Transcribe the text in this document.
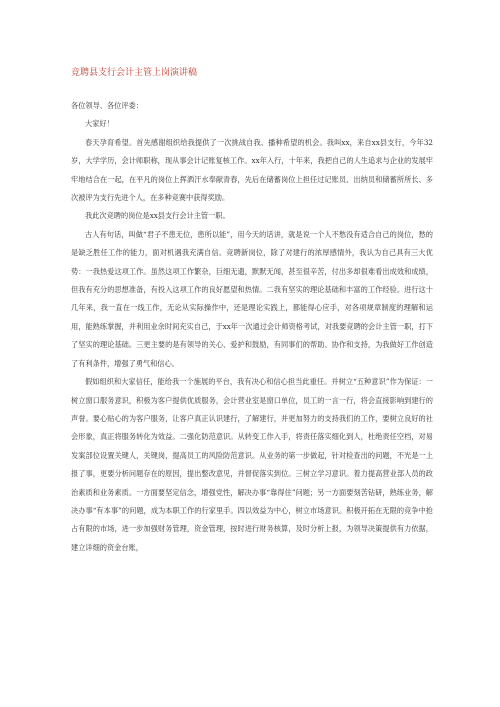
竞聘县支行会计主管上岗演讲稿

各位领导、各位评委：

大家好！

春天孕育希望。首先感谢组织给我提供了一次挑战自我、播种希望的机会。我叫xx，来自xx县支行，今年32岁，大学学历，会计师职称，现从事会计记账复核工作。xx年入行，十年来，我把自己的人生追求与企业的发展牢牢地结合在一起，在平凡的岗位上挥洒汗水奉献青春，先后在储蓄岗位上担任过记账员、出纳员和储蓄所所长、多次被评为支行先进个人，在多种竞赛中获得奖励。

我此次竞聘的岗位是xx县支行会计主管一职。

古人有句话，叫做“君子不患无位，患所以能”，用今天的话讲，就是说一个人不愁没有适合自己的岗位，愁的是缺乏胜任工作的能力，面对机遇我充满自信。竞聘新岗位，除了对建行的浓厚感情外，我认为自己具有三大优势：一我热爱这项工作。虽然这项工作繁杂，巨细无遗，默默无闻，甚至很辛苦，付出多却很难看出成效和成绩，但我有充分的思想准备，有投入这项工作的良好愿望和热情。二我有坚实的理论基础和丰富的工作经验。进行这十几年来，我一直在一线工作，无论从实际操作中，还是理论实践上，都能得心应手，对各项规章制度的理解和运用，能熟练掌握，并利用业余时间充实自己，于xx年一次通过会计师资格考试，对我要竞聘的会计主管一职，打下了坚实的理论基础。三更主要的是有领导的关心、爱护和鼓励，有同事们的帮助、协作和支持，为我做好工作创造了有利条件，增强了勇气和信心。

假如组织和大家信任，能给我一个施展的平台，我有决心和信心担当此重任。并树立“五种意识”作为保证：一树立窗口服务意识，积极为客户提供优质服务，会计营业室是窗口单位，员工的一言一行，将会直接影响到建行的声誉。要心贴心的为客户服务，让客户真正认识建行，了解建行，并更加努力的支持我们的工作，要树立良好的社会形象，真正将服务转化为效益。二强化防范意识。从转变工作入手，将责任落实细化到人，杜绝责任空档，对易发案部位设置关键人，关键岗，提高员工的风险防范意识。从业务的第一步做起，针对检查出的问题，不光是一上报了事，更要分析问题存在的原因，提出整改意见，并督促落实到位。三树立学习意识。着力提高营业部人员的政治素质和业务素质。一方面要坚定信念，增强党性，解决办事“靠得住”问题；另一方面要刻苦钻研，熟练业务，解决办事“有本事”的问题，成为本职工作的行家里手。四以效益为中心，树立市场意识。积极开拓在无限的竞争中抢占有限的市场，进一步加强财务管理，资金管理，按时进行财务核算，及时分析上报，为领导决策提供有力依据，建立详细的资金台账，
